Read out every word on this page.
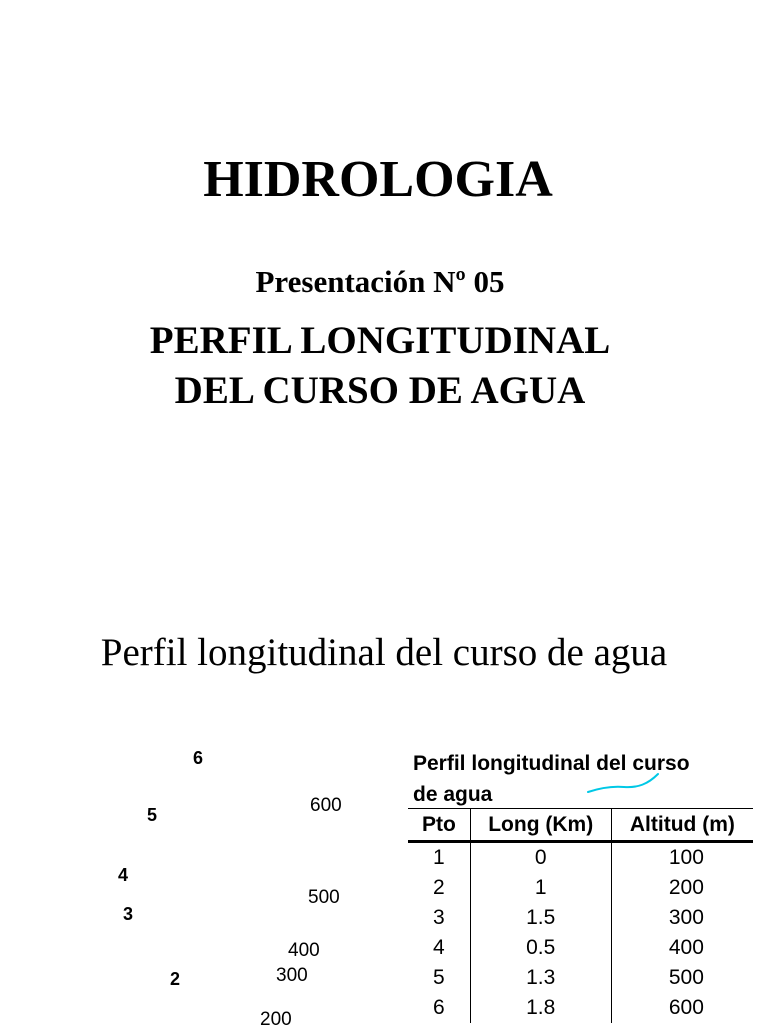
HIDROLOGIA
Presentación Nº 05
PERFIL LONGITUDINAL
DEL CURSO DE AGUA
Perfil longitudinal del curso de agua
6
5
4
3
2
600
500
400
300
200
Perfil longitudinal del curso de agua
Pto	Long (Km)	Altitud (m)
1	0	100
2	1	200
3	1.5	300
4	0.5	400
5	1.3	500
6	1.8	600
